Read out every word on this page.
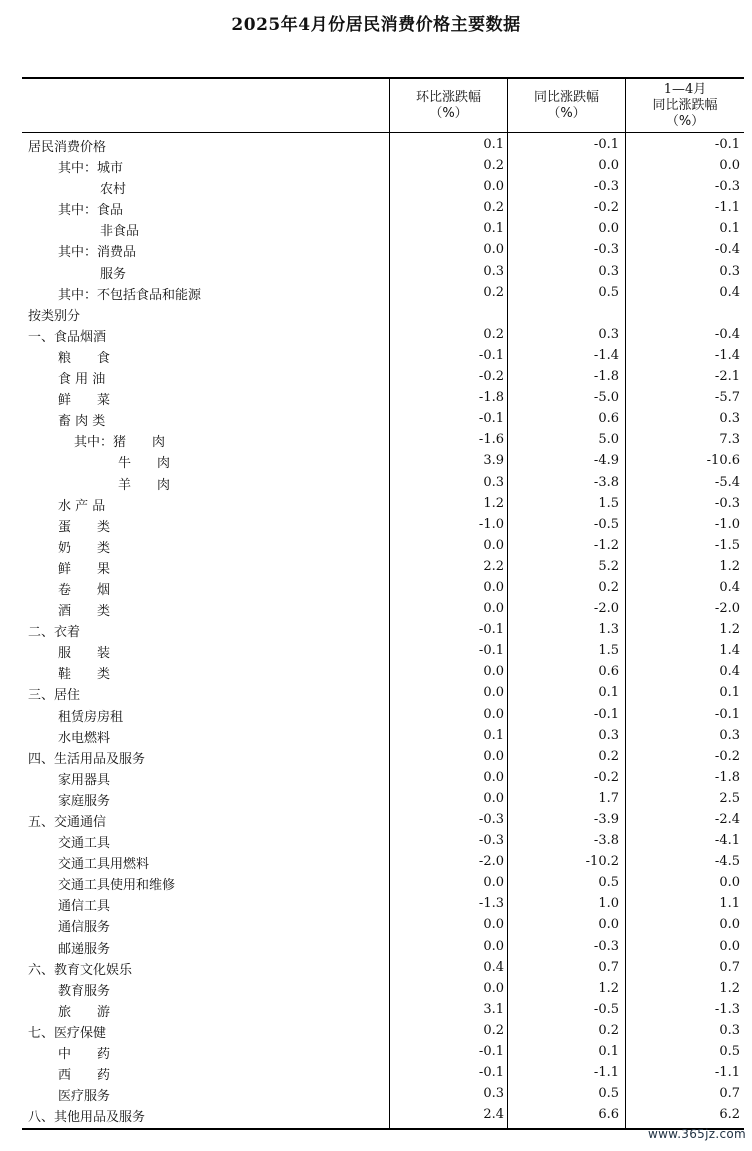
2025年4月份居民消费价格主要数据
环比涨跌幅
（%）
同比涨跌幅
（%）
1—4月
同比涨跌幅
（%）
居民消费价格	0.1	-0.1	-0.1
其中：城市	0.2	0.0	0.0
农村	0.0	-0.3	-0.3
其中：食品	0.2	-0.2	-1.1
非食品	0.1	0.0	0.1
其中：消费品	0.0	-0.3	-0.4
服务	0.3	0.3	0.3
其中：不包括食品和能源	0.2	0.5	0.4
按类别分
一、食品烟酒	0.2	0.3	-0.4
粮　　食	-0.1	-1.4	-1.4
食 用 油	-0.2	-1.8	-2.1
鲜　　菜	-1.8	-5.0	-5.7
畜 肉 类	-0.1	0.6	0.3
其中：猪　　肉	-1.6	5.0	7.3
牛　　肉	3.9	-4.9	-10.6
羊　　肉	0.3	-3.8	-5.4
水 产 品	1.2	1.5	-0.3
蛋　　类	-1.0	-0.5	-1.0
奶　　类	0.0	-1.2	-1.5
鲜　　果	2.2	5.2	1.2
卷　　烟	0.0	0.2	0.4
酒　　类	0.0	-2.0	-2.0
二、衣着	-0.1	1.3	1.2
服　　装	-0.1	1.5	1.4
鞋　　类	0.0	0.6	0.4
三、居住	0.0	0.1	0.1
租赁房房租	0.0	-0.1	-0.1
水电燃料	0.1	0.3	0.3
四、生活用品及服务	0.0	0.2	-0.2
家用器具	0.0	-0.2	-1.8
家庭服务	0.0	1.7	2.5
五、交通通信	-0.3	-3.9	-2.4
交通工具	-0.3	-3.8	-4.1
交通工具用燃料	-2.0	-10.2	-4.5
交通工具使用和维修	0.0	0.5	0.0
通信工具	-1.3	1.0	1.1
通信服务	0.0	0.0	0.0
邮递服务	0.0	-0.3	0.0
六、教育文化娱乐	0.4	0.7	0.7
教育服务	0.0	1.2	1.2
旅　　游	3.1	-0.5	-1.3
七、医疗保健	0.2	0.2	0.3
中　　药	-0.1	0.1	0.5
西　　药	-0.1	-1.1	-1.1
医疗服务	0.3	0.5	0.7
八、其他用品及服务	2.4	6.6	6.2
www.365jz.com
